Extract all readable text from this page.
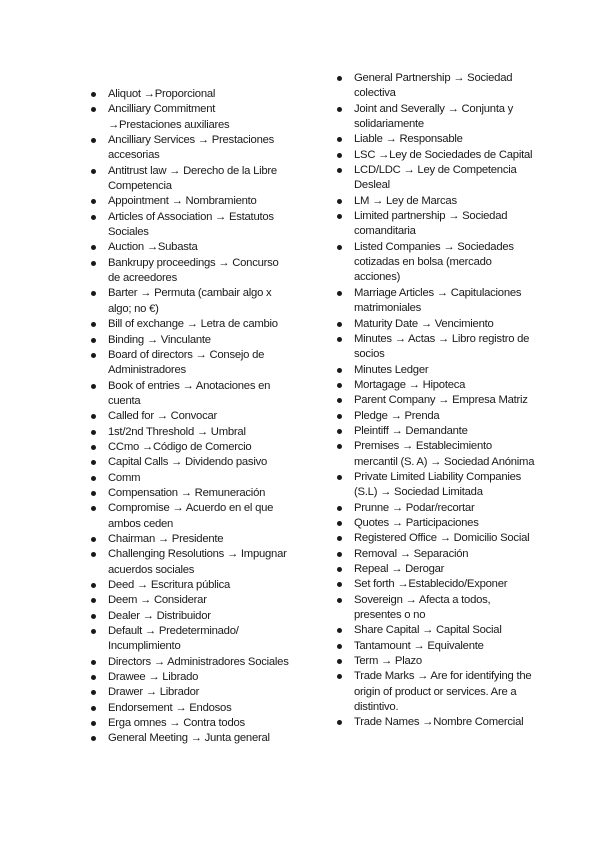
Aliquot →Proporcional
Ancilliary Commitment →Prestaciones auxiliares
Ancilliary Services → Prestaciones accesorias
Antitrust law → Derecho de la Libre Competencia
Appointment → Nombramiento
Articles of Association → Estatutos Sociales
Auction →Subasta
Bankrupy proceedings → Concurso de acreedores
Barter → Permuta (cambair algo x algo; no €)
Bill of exchange → Letra de cambio
Binding → Vinculante
Board of directors → Consejo de Administradores
Book of entries → Anotaciones en cuenta
Called for → Convocar
1st/2nd Threshold → Umbral
CCmo →Código de Comercio
Capital Calls → Dividendo pasivo
Comm
Compensation → Remuneración
Compromise → Acuerdo en el que ambos ceden
Chairman → Presidente
Challenging Resolutions → Impugnar acuerdos sociales
Deed → Escritura pública
Deem → Considerar
Dealer → Distribuidor
Default → Predeterminado/ Incumplimiento
Directors → Administradores Sociales
Drawee → Librado
Drawer → Librador
Endorsement → Endosos
Erga omnes → Contra todos
General Meeting → Junta general
General Partnership → Sociedad colectiva
Joint and Severally → Conjunta y solidariamente
Liable → Responsable
LSC →Ley de Sociedades de Capital
LCD/LDC → Ley de Competencia Desleal
LM → Ley de Marcas
Limited partnership → Sociedad comanditaria
Listed Companies → Sociedades cotizadas en bolsa (mercado acciones)
Marriage Articles → Capitulaciones matrimoniales
Maturity Date → Vencimiento
Minutes → Actas → Libro registro de socios
Minutes Ledger
Mortagage → Hipoteca
Parent Company → Empresa Matriz
Pledge → Prenda
Pleintiff → Demandante
Premises → Establecimiento mercantil (S. A) → Sociedad Anónima
Private Limited Liability Companies (S.L) → Sociedad Limitada
Prunne → Podar/recortar
Quotes → Participaciones
Registered Office → Domicilio Social
Removal → Separación
Repeal → Derogar
Set forth →Establecido/Exponer
Sovereign → Afecta a todos, presentes o no
Share Capital → Capital Social
Tantamount → Equivalente
Term → Plazo
Trade Marks → Are for identifying the origin of product or services. Are a distintivo.
Trade Names →Nombre Comercial
